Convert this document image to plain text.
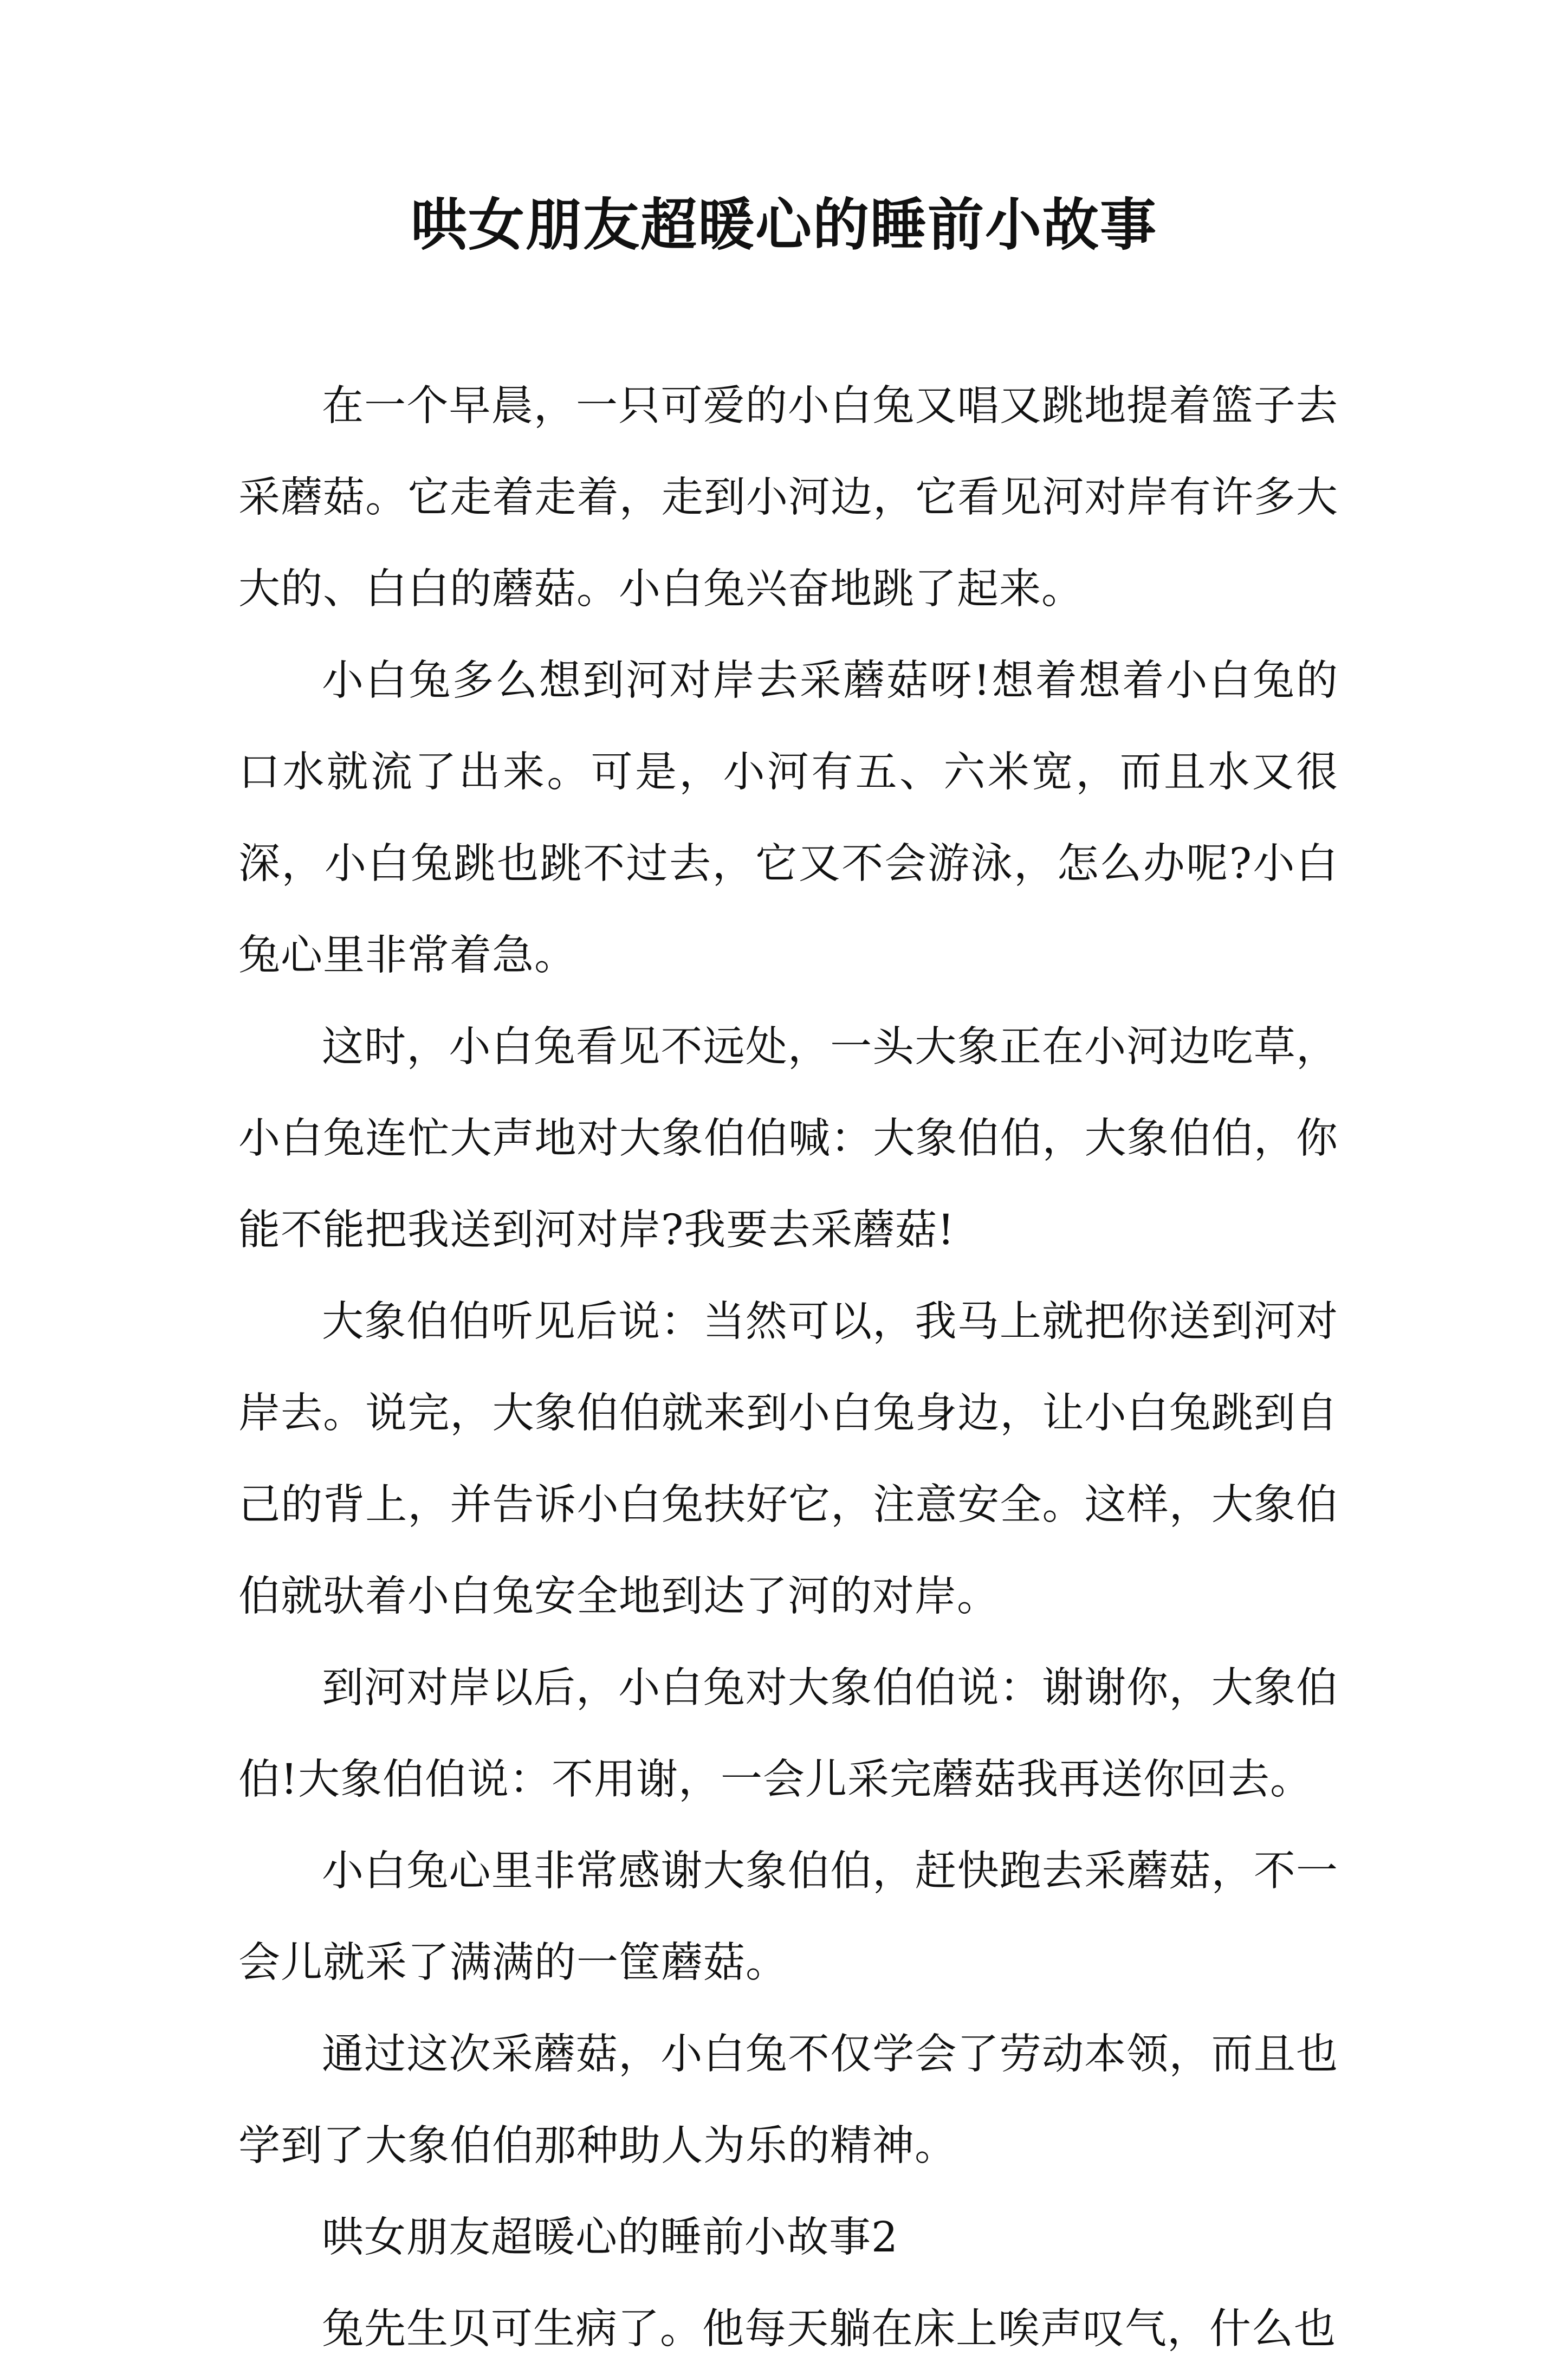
哄女朋友超暖心的睡前小故事

在一个早晨，一只可爱的小白兔又唱又跳地提着篮子去采蘑菇。它走着走着，走到小河边，它看见河对岸有许多大大的、白白的蘑菇。小白兔兴奋地跳了起来。

小白兔多么想到河对岸去采蘑菇呀!想着想着小白兔的口水就流了出来。可是，小河有五、六米宽，而且水又很深，小白兔跳也跳不过去，它又不会游泳，怎么办呢?小白兔心里非常着急。

这时，小白兔看见不远处，一头大象正在小河边吃草，小白兔连忙大声地对大象伯伯喊：大象伯伯，大象伯伯，你能不能把我送到河对岸?我要去采蘑菇!

大象伯伯听见后说：当然可以，我马上就把你送到河对岸去。说完，大象伯伯就来到小白兔身边，让小白兔跳到自己的背上，并告诉小白兔扶好它，注意安全。这样，大象伯伯就驮着小白兔安全地到达了河的对岸。

到河对岸以后，小白兔对大象伯伯说：谢谢你，大象伯伯!大象伯伯说：不用谢，一会儿采完蘑菇我再送你回去。

小白兔心里非常感谢大象伯伯，赶快跑去采蘑菇，不一会儿就采了满满的一筐蘑菇。

通过这次采蘑菇，小白兔不仅学会了劳动本领，而且也学到了大象伯伯那种助人为乐的精神。

哄女朋友超暖心的睡前小故事2

兔先生贝可生病了。他每天躺在床上唉声叹气，什么也
